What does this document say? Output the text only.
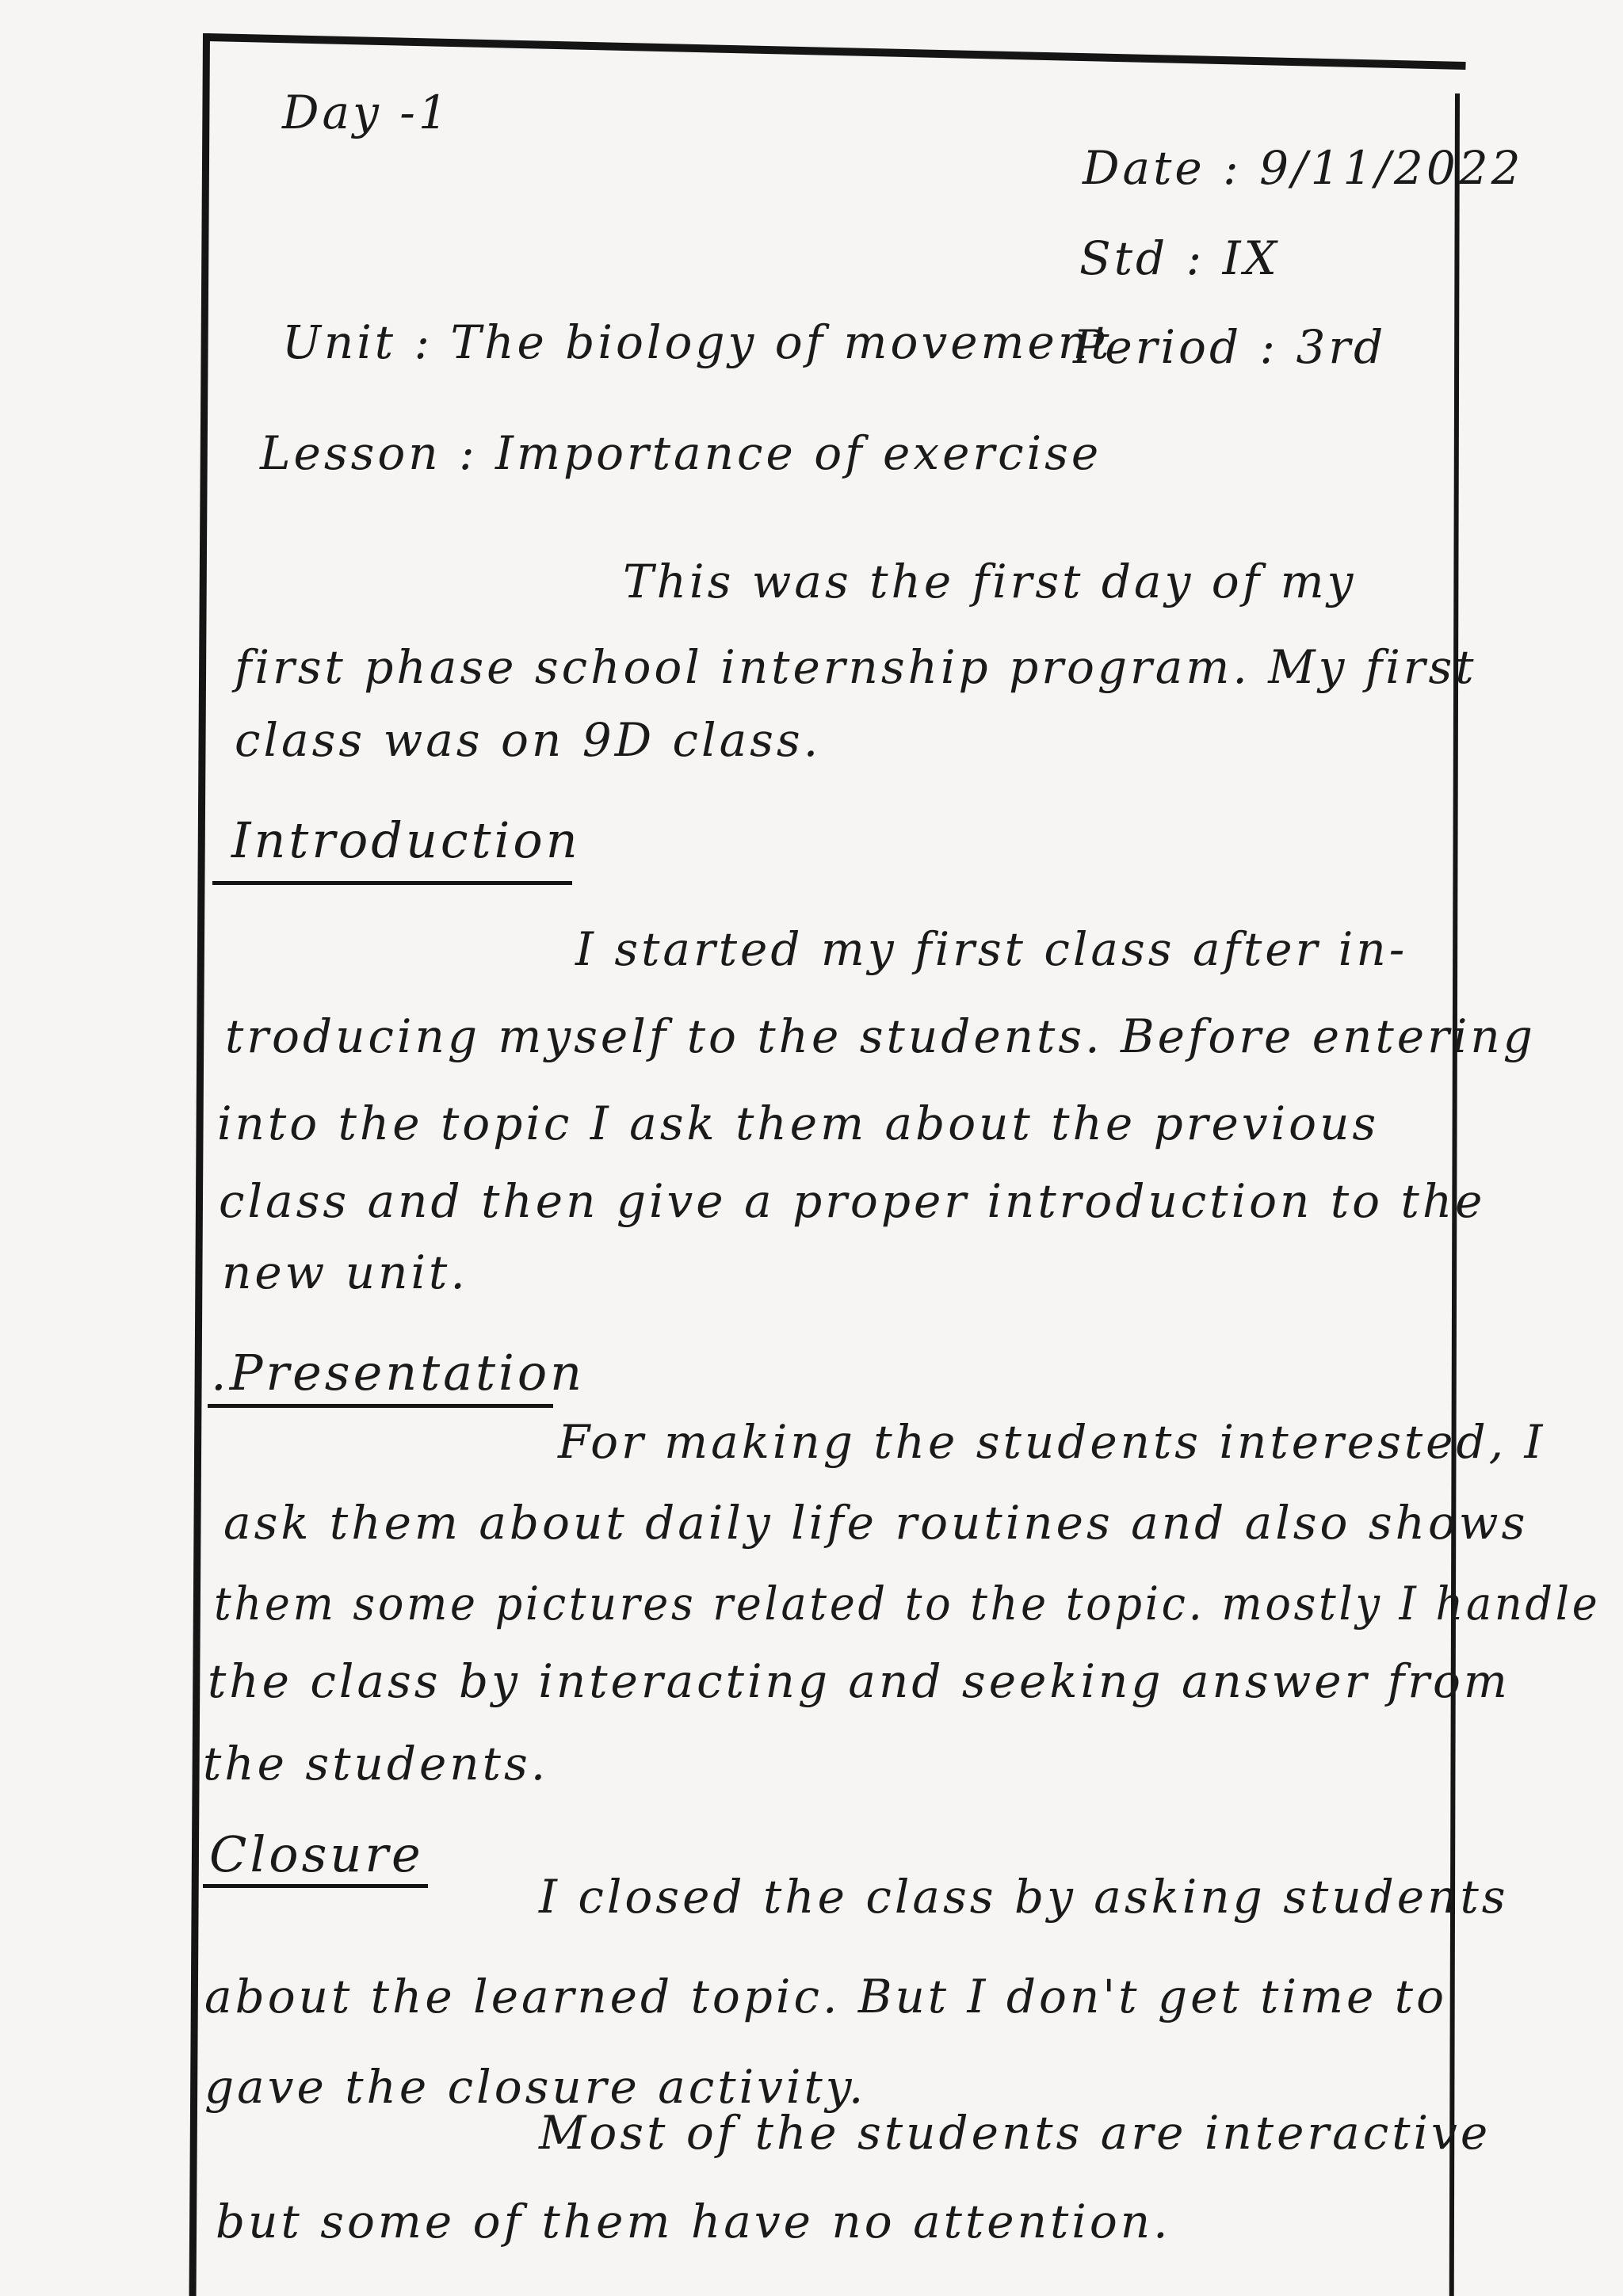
Day -1
Date : 9/11/2022
Std : IX
Unit : The biology of movement
Period : 3rd
Lesson : Importance of exercise
This was the first day of my
first phase school internship program. My first
class was on 9D class.
Introduction
I started my first class after in-
troducing myself to the students. Before entering
into the topic I ask them about the previous
class and then give a proper introduction to the
new unit.
.Presentation
For making the students interested, I
ask them about daily life routines and also shows
them some pictures related to the topic. mostly I handle
the class by interacting and seeking answer from
the students.
Closure
I closed the class by asking students
about the learned topic. But I don't get time to
gave the closure activity.
Most of the students are interactive
but some of them have no attention.
